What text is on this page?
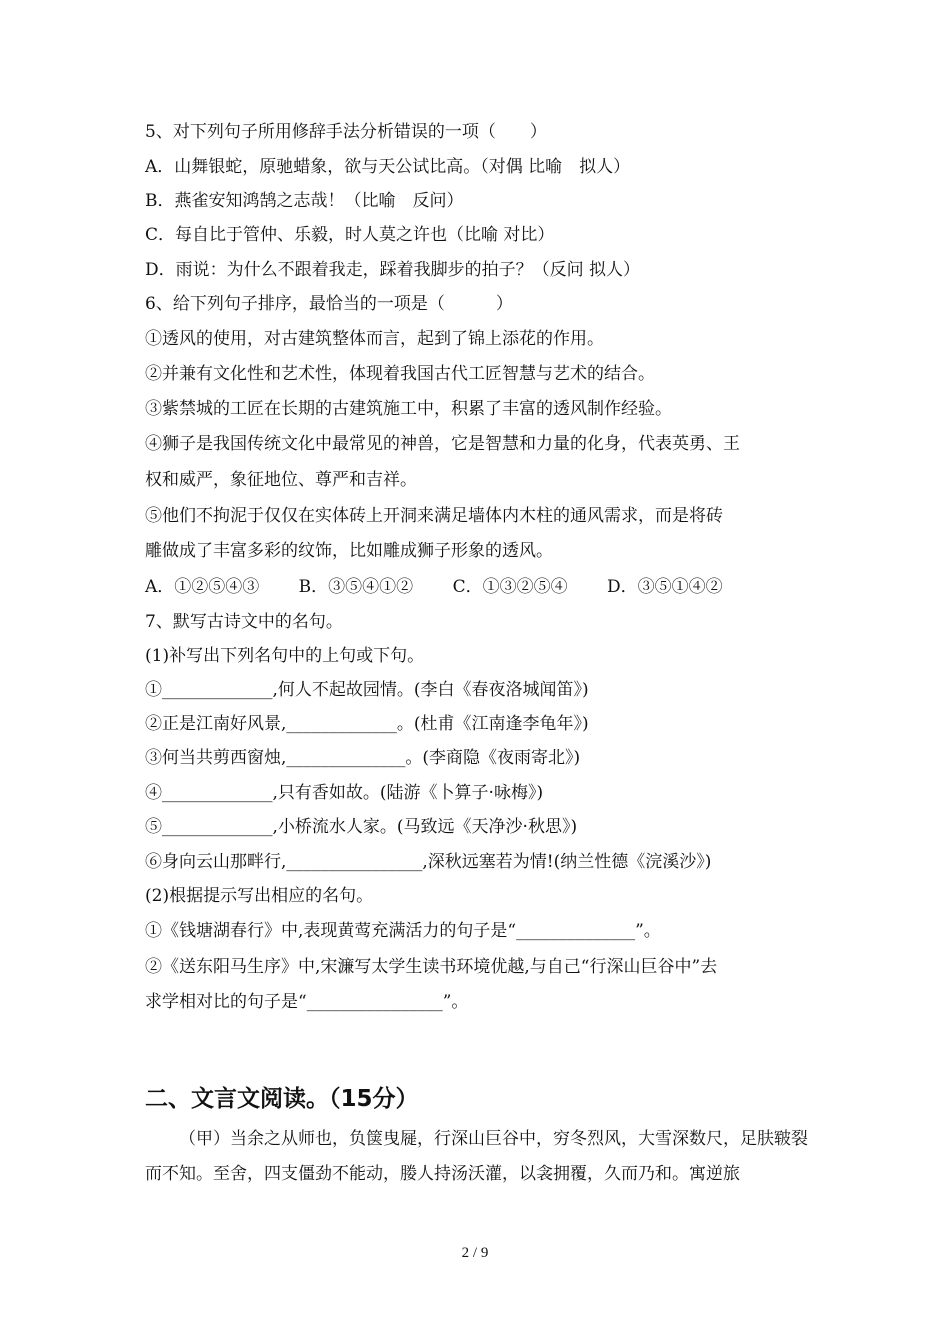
5、对下列句子所用修辞手法分析错误的一项（　　）
A．山舞银蛇，原驰蜡象，欲与天公试比高。（对偶 比喻　拟人）
B．燕雀安知鸿鹄之志哉！（比喻　反问）
C．每自比于管仲、乐毅，时人莫之许也（比喻 对比）
D．雨说：为什么不跟着我走，踩着我脚步的拍子？（反问 拟人）
6、给下列句子排序，最恰当的一项是（　　　）
①透风的使用，对古建筑整体而言，起到了锦上添花的作用。
②并兼有文化性和艺术性，体现着我国古代工匠智慧与艺术的结合。
③紫禁城的工匠在长期的古建筑施工中，积累了丰富的透风制作经验。
④狮子是我国传统文化中最常见的神兽，它是智慧和力量的化身，代表英勇、王
权和威严，象征地位、尊严和吉祥。
⑤他们不拘泥于仅仅在实体砖上开洞来满足墙体内木柱的通风需求，而是将砖
雕做成了丰富多彩的纹饰，比如雕成狮子形象的透风。
A．①②⑤④③　　 B．③⑤④①②　　 C．①③②⑤④　　 D．③⑤①④②
7、默写古诗文中的名句。
(1)补写出下列名句中的上句或下句。
①_____________,何人不起故园情。(李白《春夜洛城闻笛》)
②正是江南好风景,_____________。(杜甫《江南逢李龟年》)
③何当共剪西窗烛,______________。(李商隐《夜雨寄北》)
④_____________,只有香如故。(陆游《卜算子·咏梅》)
⑤_____________,小桥流水人家。(马致远《天净沙·秋思》)
⑥身向云山那畔行,________________,深秋远塞若为情!(纳兰性德《浣溪沙》)
(2)根据提示写出相应的名句。
①《钱塘湖春行》中,表现黄莺充满活力的句子是“______________”。
②《送东阳马生序》中,宋濂写太学生读书环境优越,与自己“行深山巨谷中”去
求学相对比的句子是“________________”。
二、文言文阅读。（15分）
（甲）当余之从师也，负箧曳屣，行深山巨谷中，穷冬烈风，大雪深数尺，足肤皲裂而不知。至舍，四支僵劲不能动，媵人持汤沃灌，以衾拥覆，久而乃和。寓逆旅
2 / 9
